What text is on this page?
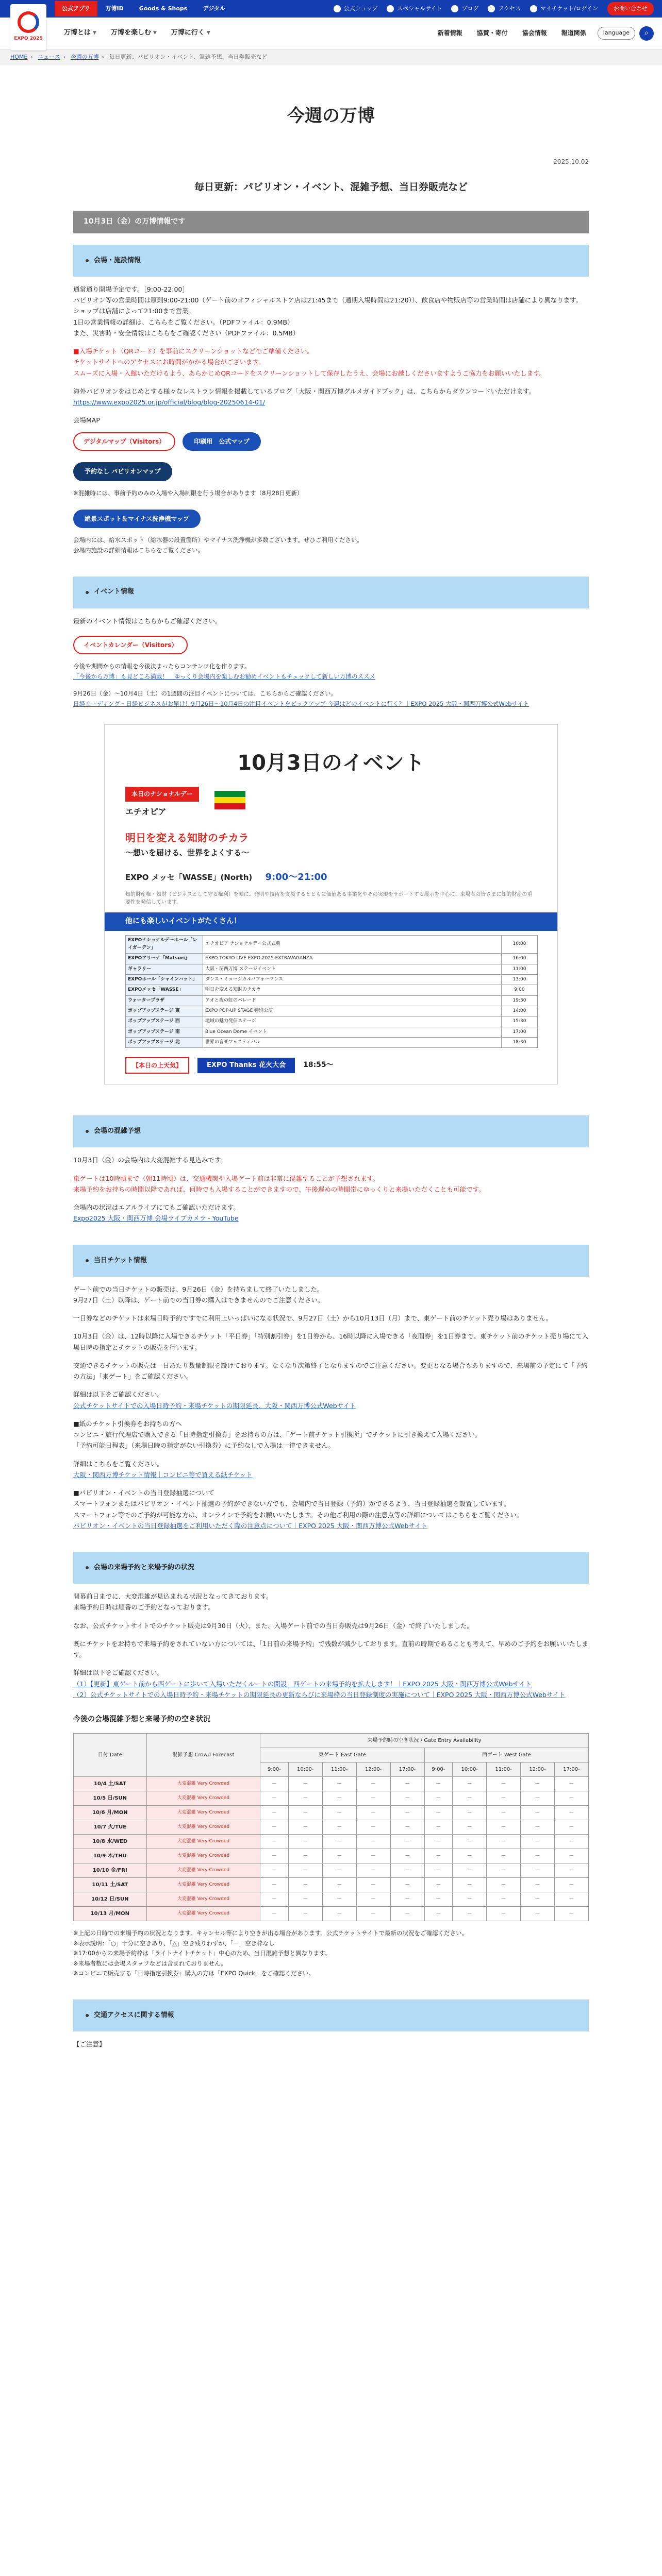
EXPO 2025
公式アプリ	万博ID	Goods & Shops	デジタル	公式ショップ	スペシャルサイト	ブログ	アクセス	マイチケット/ログイン	お問い合わせ
万博とは ▼ 万博を楽しむ ▼ 万博に行く ▼	新着情報	協賛・寄付	協会情報	報道関係	language	⌕
HOME › ニュース › 今週の万博 › 毎日更新：パビリオン・イベント、混雑予想、当日券販売など
今週の万博
2025.10.02
毎日更新：パビリオン・イベント、混雑予想、当日券販売など
10月3日（金）の万博情報です
会場・施設情報
通常通り開場予定です。［9:00-22:00］
パビリオン等の営業時間は原則9:00-21:00（ゲート前のオフィシャルストア店は21:45まで（通期入場時間は21:20））、飲食店や物販店等の営業時間は店舗により異なります。
ショップは店舗によって21:00まで営業。
1日の営業情報の詳細は、こちらをご覧ください。（PDFファイル：0.9MB）
また、災害時・安全情報はこちらをご確認ください（PDFファイル：0.5MB）
■入場チケット（QRコード）を事前にスクリーンショットなどでご準備ください。
チケットサイトへのアクセスにお時間がかかる場合がございます。
スムーズに入場・入館いただけるよう、あらかじめQRコードをスクリーンショットして保存したうえ、会場にお越しくださいますようご協力をお願いいたします。
海外パビリオンをはじめとする様々なレストラン情報を掲載しているブログ「大阪・関西万博グルメガイドブック」は、こちらからダウンロードいただけます。
https://www.expo2025.or.jp/official/blog/blog-20250614-01/
会場MAP
デジタルマップ（Visitors）	印刷用　公式マップ
予約なし パビリオンマップ
※混雑時には、事前予約のみの入場や入場制限を行う場合があります（8月28日更新）
絶景スポット＆マイナス洗浄機マップ
会場内には、給水スポット（給水器の設置箇所）やマイナス洗浄機が多数ございます。ぜひご利用ください。
会場内施設の詳細情報はこちらをご覧ください。
イベント情報
最新のイベント情報はこちらからご確認ください。
イベントカレンダー（Visitors）
今後や期間からの情報を今後決まったらコンテンツ化を作ります。
「今後から万博」も見どころ満載！　ゆっくり会場内を楽しむお勧めイベントもチェックして新しい万博のススメ
9月26日（金）～10月4日（土）の1週間の注目イベントについては、こちらからご確認ください。
日経リーディング・日経ビジネスがお届け！9月26日～10月4日の注目イベントをピックアップ 今週はどのイベントに行く？｜EXPO 2025 大阪・関西万博公式Webサイト
10月3日のイベント
本日のナショナルデー
エチオピア
明日を変える知財のチカラ
～想いを届ける、世界をよくする～
EXPO メッセ「WASSE」(North) 9:00～21:00
知的財産権・知財（ビジネスとして守る権利）を軸に、発明や技術を支援するとともに価値ある事業化やその実現をサポートする展示を中心に、来場者の皆さまに知的財産の重要性を発信しています。
他にも楽しいイベントがたくさん！
EXPOナショナルデーホール「レイガーデン」	エチオピア ナショナルデー公式式典	10:00
EXPOアリーナ「Matsuri」	EXPO TOKYO LIVE EXPO 2025 EXTRAVAGANZA	16:00
ギャラリー	大阪・関西万博 ステージイベント	11:00
EXPOホール「シャインハット」	ダンス・ミュージカルパフォーマンス	13:00
EXPOメッセ「WASSE」	明日を変える知財のチカラ	9:00
ウォータープラザ	アオと夜の虹のパレード	19:30
ポップアップステージ 東	EXPO POP-UP STAGE 特別公演	14:00
ポップアップステージ 西	地域の魅力発信ステージ	15:30
ポップアップステージ 南	Blue Ocean Dome イベント	17:00
ポップアップステージ 北	世界の音楽フェスティバル	18:30
【本日の上天気】	EXPO Thanks 花火大会	18:55～
会場の混雑予想
10月3日（金）の会場内は大変混雑する見込みです。
東ゲートは10時頃まで（朝11時頃）は、交通機関や入場ゲート前は非常に混雑することが予想されます。
来場予約をお持ちの時間以降であれば、何時でも入場することができますので、午後遅めの時間帯にゆっくりと来場いただくことも可能です。
会場内の状況はエアルライブにてもご確認いただけます。
Expo2025 大阪・関西万博 会場ライブカメラ - YouTube
当日チケット情報
ゲート前での当日チケットの販売は、9月26日（金）を持ちまして終了いたしました。
9月27日（土）以降は、ゲート前での当日券の購入はできませんのでご注意ください。
一日券などのチケットは来場日時予約ですでに利用上いっぱいになる状況で、9月27日（土）から10月13日（月）まで、東ゲート前のチケット売り場はありません。
10月3日（金）は、12時以降に入場できるチケット「平日券」「特別割引券」を1日券から、16時以降に入場できる「夜間券」を1日券まで、東チケット前のチケット売り場にて入場日時の指定とチケットの販売を行います。
交通できるチケットの販売は一日あたり数量制限を設けております。なくなり次第終了となりますのでご注意ください。変更となる場合もありますので、来場前の予定にて「予約の方法」「来ゲート」をご確認ください。
詳細は以下をご確認ください。
公式チケットサイトでの入場日時予約・来場チケットの期限延長、大阪・関西万博公式Webサイト
■紙のチケット引換券をお持ちの方へ
コンビニ・旅行代理店で購入できる「日時指定引換券」をお持ちの方は、「ゲート前チケット引換所」でチケットに引き換えて入場ください。
「予約可能日程表」（来場日時の指定がない引換券）に予約なしで入場は一律できません。
詳細はこちらをご覧ください。
大阪・関西万博チケット情報｜コンビニ等で買える紙チケット
■パビリオン・イベントの当日登録抽選について
スマートフォンまたはパビリオン・イベント抽選の予約ができない方でも、会場内で当日登録（予約）ができるよう、当日登録抽選を設置しています。
スマートフォン等でのご予約が可能な方は、オンラインで予約をお願いいたします。その他ご利用の際の注意点等の詳細についてはこちらをご覧ください。
パビリオン・イベントの当日登録抽選をご利用いただく際の注意点について｜EXPO 2025 大阪・関西万博公式Webサイト
会場の来場予約と来場予約の状況
開幕前日までに、大変混雑が見込まれる状況となってきております。
来場予約日時は順番のご予約となっております。
なお、公式チケットサイトでのチケット販売は9月30日（火）、また、入場ゲート前での当日券販売は9月26日（金）で終了いたしました。
既にチケットをお持ちで来場予約をされていない方については、「1日前の来場予約」で残数が減少しております。直前の時期であることも考えて、早めのご予約をお願いいたします。
詳細は以下をご確認ください。
（1）【更新】東ゲート前から西ゲートに歩いて入場いただくルートの開設｜西ゲートの来場予約を拡大します！｜EXPO 2025 大阪・関西万博公式Webサイト
（2）公式チケットサイトでの入場日時予約・来場チケットの期限延長の更新ならびに来場枠の当日登録制度の実施について｜EXPO 2025 大阪・関西万博公式Webサイト
今後の会場混雑予想と来場予約の空き状況
日付 Date	混雑予想 Crowd Forecast	来場予約時の空き状況 / Gate Entry Availability									
		東ゲート East Gate					西ゲート West Gate				
		9:00-	10:00-	11:00-	12:00-	17:00-	9:00-	10:00-	11:00-	12:00-	17:00-
10/4 土/SAT	大変混雑 Very Crowded	－	－	－	－	－	－	－	－	－	－
10/5 日/SUN	大変混雑 Very Crowded	－	－	－	－	－	－	－	－	－	－
10/6 月/MON	大変混雑 Very Crowded	－	－	－	－	－	－	－	－	－	－
10/7 火/TUE	大変混雑 Very Crowded	－	－	－	－	－	－	－	－	－	－
10/8 水/WED	大変混雑 Very Crowded	－	－	－	－	－	－	－	－	－	－
10/9 木/THU	大変混雑 Very Crowded	－	－	－	－	－	－	－	－	－	－
10/10 金/FRI	大変混雑 Very Crowded	－	－	－	－	－	－	－	－	－	－
10/11 土/SAT	大変混雑 Very Crowded	－	－	－	－	－	－	－	－	－	－
10/12 日/SUN	大変混雑 Very Crowded	－	－	－	－	－	－	－	－	－	－
10/13 月/MON	大変混雑 Very Crowded	－	－	－	－	－	－	－	－	－	－
※上記の日時での来場予約の状況となります。キャンセル等により空きが出る場合があります。公式チケットサイトで最新の状況をご確認ください。
※表示説明：「○」十分に空きあり、「△」空き残りわずか、「－」空き枠なし
※17:00からの来場予約枠は「ライトナイトチケット」中心のため、当日混雑予想と異なります。
※来場者数には会場スタッフなどは含まれておりません。
※コンビニで販売する「日時指定引換券」購入の方は「EXPO Quick」をご確認ください。
交通アクセスに関する情報
【ご注意】
